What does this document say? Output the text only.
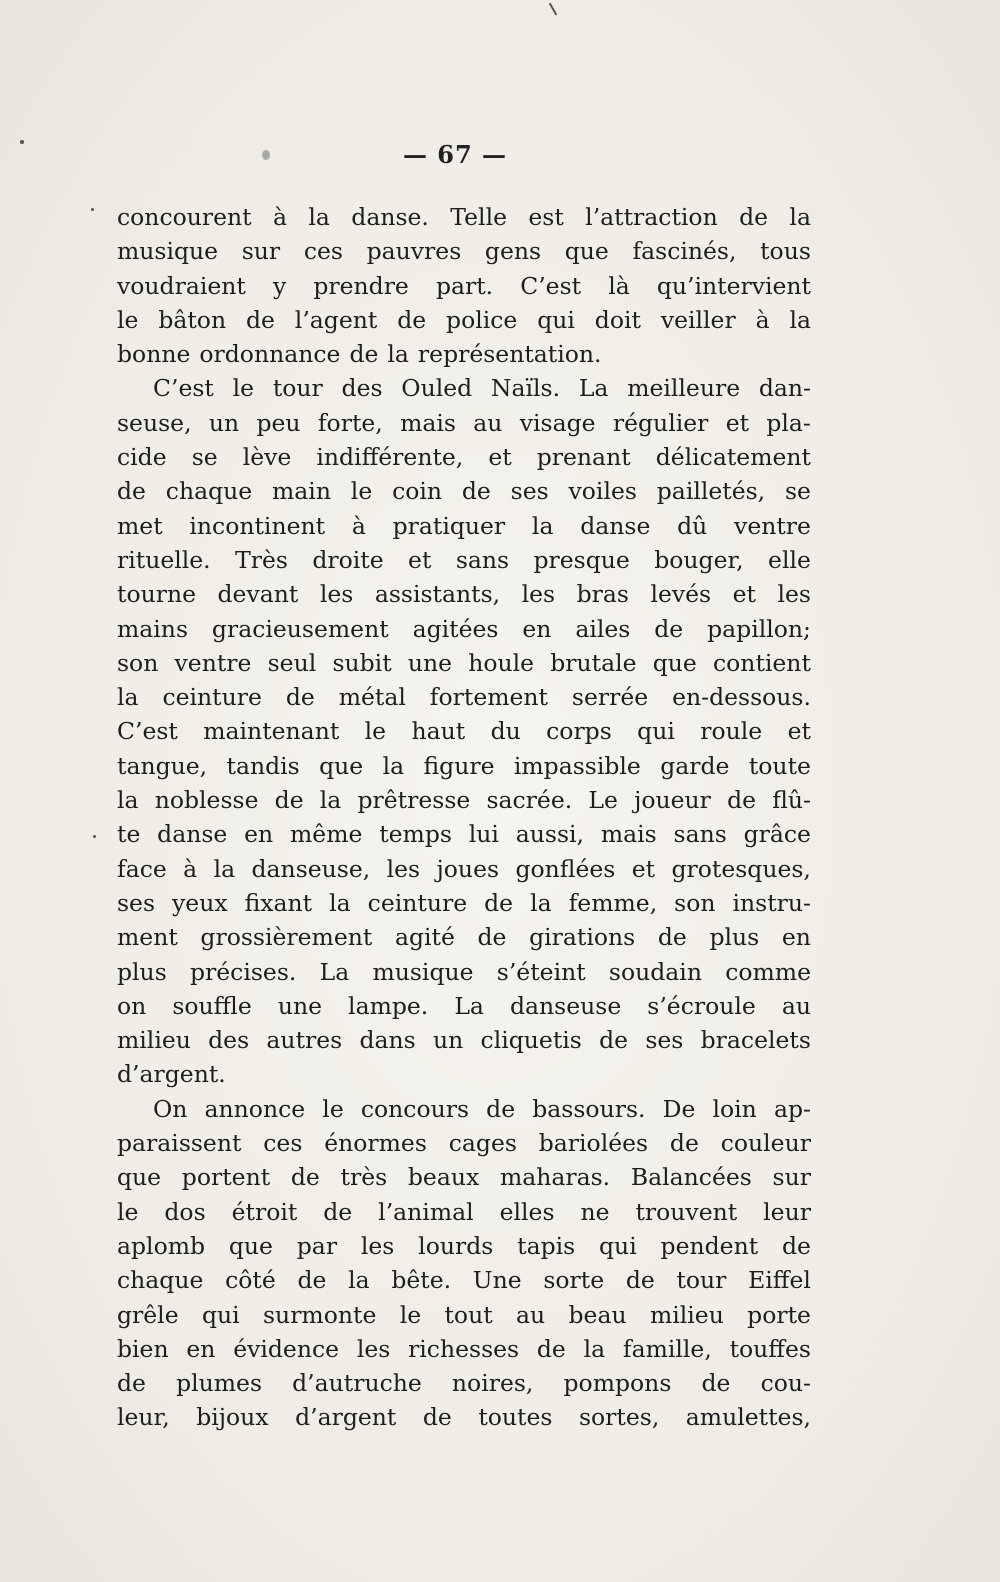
— 67 —
concourent à la danse. Telle est l’attraction de la
musique sur ces pauvres gens que fascinés, tous
voudraient y prendre part. C’est là qu’intervient
le bâton de l’agent de police qui doit veiller à la
bonne ordonnance de la représentation.
C’est le tour des Ouled Naïls. La meilleure dan-
seuse, un peu forte, mais au visage régulier et pla-
cide se lève indifférente, et prenant délicatement
de chaque main le coin de ses voiles pailletés, se
met incontinent à pratiquer la danse dû ventre
rituelle. Très droite et sans presque bouger, elle
tourne devant les assistants, les bras levés et les
mains gracieusement agitées en ailes de papillon;
son ventre seul subit une houle brutale que contient
la ceinture de métal fortement serrée en-dessous.
C’est maintenant le haut du corps qui roule et
tangue, tandis que la figure impassible garde toute
la noblesse de la prêtresse sacrée. Le joueur de flû-
te danse en même temps lui aussi, mais sans grâce
face à la danseuse, les joues gonflées et grotesques,
ses yeux fixant la ceinture de la femme, son instru-
ment grossièrement agité de girations de plus en
plus précises. La musique s’éteint soudain comme
on souffle une lampe. La danseuse s’écroule au
milieu des autres dans un cliquetis de ses bracelets
d’argent.
On annonce le concours de bassours. De loin ap-
paraissent ces énormes cages bariolées de couleur
que portent de très beaux maharas. Balancées sur
le dos étroit de l’animal elles ne trouvent leur
aplomb que par les lourds tapis qui pendent de
chaque côté de la bête. Une sorte de tour Eiffel
grêle qui surmonte le tout au beau milieu porte
bien en évidence les richesses de la famille, touffes
de plumes d’autruche noires, pompons de cou-
leur, bijoux d’argent de toutes sortes, amulettes,
